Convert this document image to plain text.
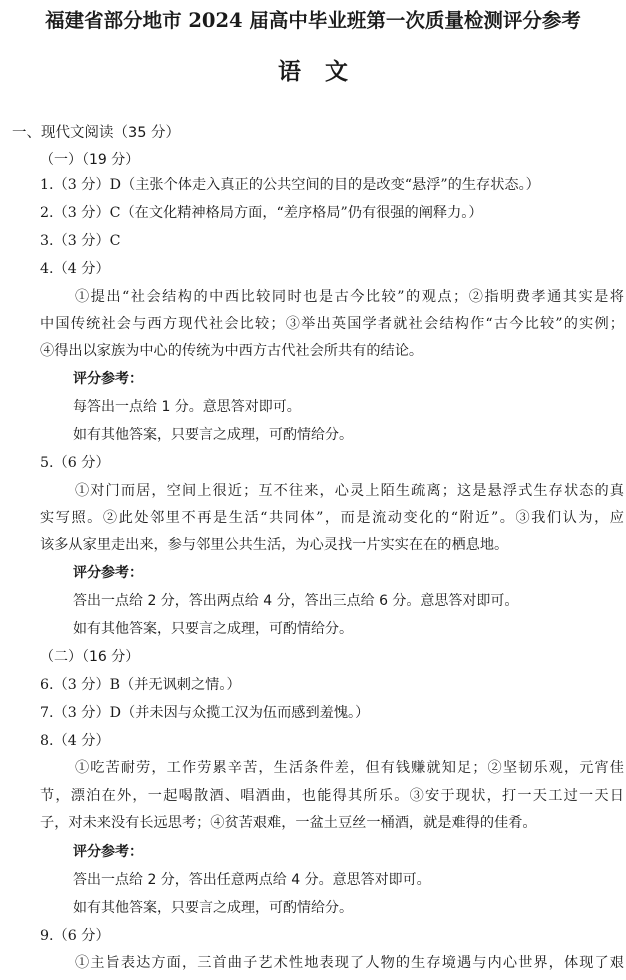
福建省部分地市 2024 届高中毕业班第一次质量检测评分参考
语文
一、现代文阅读（35 分）
（一）（19 分）
1.（3 分）D（主张个体走入真正的公共空间的目的是改变“悬浮”的生存状态。）
2.（3 分）C（在文化精神格局方面，“差序格局”仍有很强的阐释力。）
3.（3 分）C
4.（4 分）
①提出“社会结构的中西比较同时也是古今比较”的观点；②指明费孝通其实是将
中国传统社会与西方现代社会比较；③举出英国学者就社会结构作“古今比较”的实例；
④得出以家族为中心的传统为中西方古代社会所共有的结论。
评分参考：
每答出一点给 1 分。意思答对即可。
如有其他答案，只要言之成理，可酌情给分。
5.（6 分）
①对门而居，空间上很近；互不往来，心灵上陌生疏离；这是悬浮式生存状态的真
实写照。②此处邻里不再是生活“共同体”，而是流动变化的“附近”。③我们认为，应
该多从家里走出来，参与邻里公共生活，为心灵找一片实实在在的栖息地。
评分参考：
答出一点给 2 分，答出两点给 4 分，答出三点给 6 分。意思答对即可。
如有其他答案，只要言之成理，可酌情给分。
（二）（16 分）
6.（3 分）B（并无讽刺之情。）
7.（3 分）D（并未因与众揽工汉为伍而感到羞愧。）
8.（4 分）
①吃苦耐劳，工作劳累辛苦，生活条件差，但有钱赚就知足；②坚韧乐观，元宵佳
节，漂泊在外，一起喝散酒、唱酒曲，也能得其所乐。③安于现状，打一天工过一天日
子，对未来没有长远思考；④贫苦艰难，一盆土豆丝一桶酒，就是难得的佳肴。
评分参考：
答出一点给 2 分，答出任意两点给 4 分。意思答对即可。
如有其他答案，只要言之成理，可酌情给分。
9.（6 分）
①主旨表达方面，三首曲子艺术性地表现了人物的生存境遇与内心世界，体现了艰
